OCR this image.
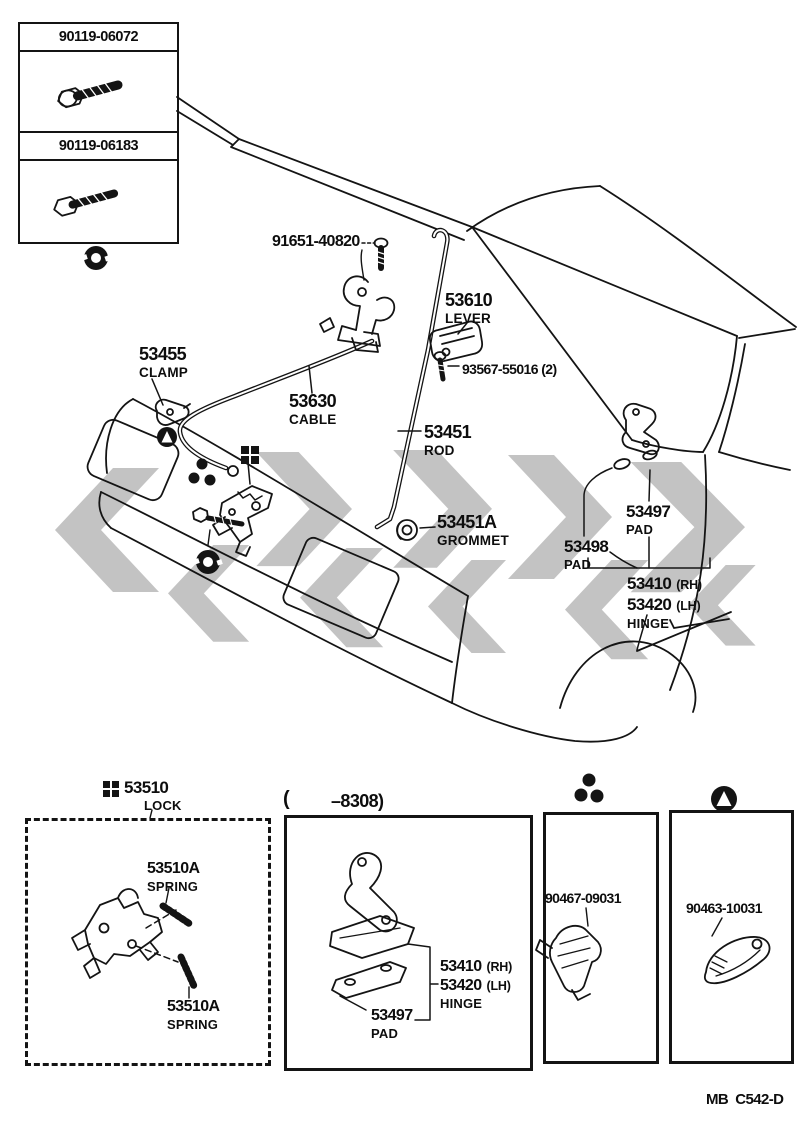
90119-06072
90119-06183
91651-40820
53610
LEVER
93567-55016 (2)
53455
CLAMP
53630
CABLE
53451
ROD
53451A
GROMMET
53497
PAD
53498
PAD
53410 (RH)
53420 (LH)
HINGE
53510
LOCK
53510A
SPRING
53510A
SPRING
( –8308)
53410 (RH)
53420 (LH)
HINGE
53497
PAD
90467-09031
90463-10031

MB  C542-D
